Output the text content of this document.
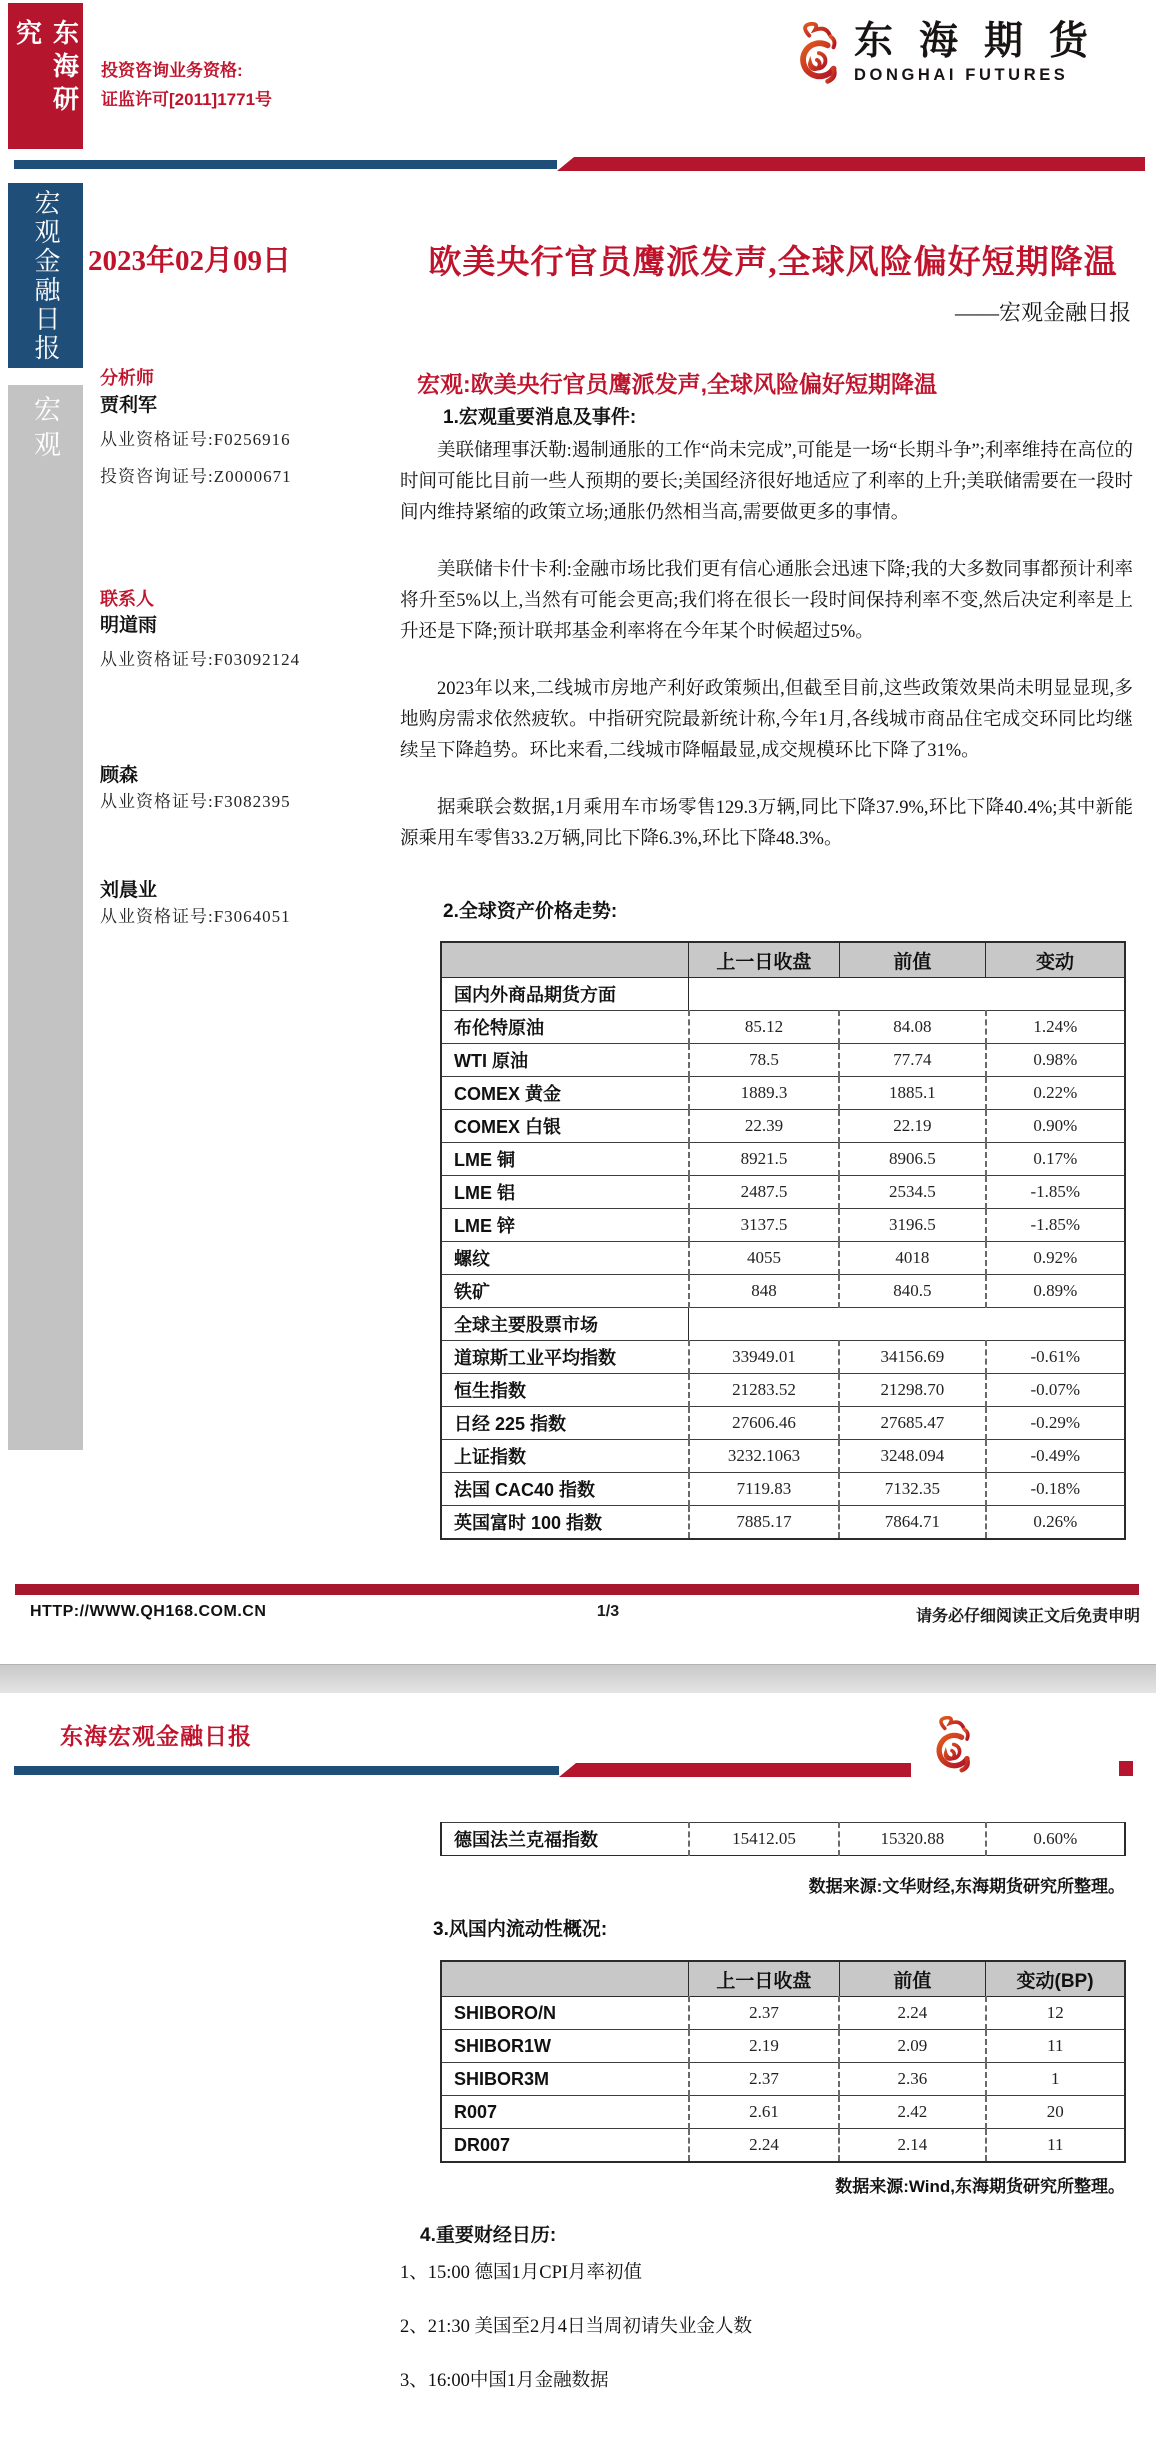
东海研究
投资咨询业务资格:
证监许可[2011]1771号
东海期货
DONGHAI FUTURES
宏观金融日报
宏观
2023年02月09日
分析师
贾利军
从业资格证号:F0256916
投资咨询证号:Z0000671
联系人
明道雨
从业资格证号:F03092124
顾森
从业资格证号:F3082395
刘晨业
从业资格证号:F3064051
欧美央行官员鹰派发声,全球风险偏好短期降温
——宏观金融日报
宏观:欧美央行官员鹰派发声,全球风险偏好短期降温
1.宏观重要消息及事件:

美联储理事沃勒:遏制通胀的工作“尚未完成”,可能是一场“长期斗争”;利率维持在高位的时间可能比目前一些人预期的要长;美国经济很好地适应了利率的上升;美联储需要在一段时间内维持紧缩的政策立场;通胀仍然相当高,需要做更多的事情。

美联储卡什卡利:金融市场比我们更有信心通胀会迅速下降;我的大多数同事都预计利率将升至5%以上,当然有可能会更高;我们将在很长一段时间保持利率不变,然后决定利率是上升还是下降;预计联邦基金利率将在今年某个时候超过5%。

2023年以来,二线城市房地产利好政策频出,但截至目前,这些政策效果尚未明显显现,多地购房需求依然疲软。中指研究院最新统计称,今年1月,各线城市商品住宅成交环同比均继续呈下降趋势。环比来看,二线城市降幅最显,成交规模环比下降了31%。

据乘联会数据,1月乘用车市场零售129.3万辆,同比下降37.9%,环比下降40.4%;其中新能源乘用车零售33.2万辆,同比下降6.3%,环比下降48.3%。

2.全球资产价格走势:
	上一日收盘	前值	变动
国内外商品期货方面			
布伦特原油	85.12	84.08	1.24%
WTI 原油	78.5	77.74	0.98%
COMEX 黄金	1889.3	1885.1	0.22%
COMEX 白银	22.39	22.19	0.90%
LME 铜	8921.5	8906.5	0.17%
LME 铝	2487.5	2534.5	-1.85%
LME 锌	3137.5	3196.5	-1.85%
螺纹	4055	4018	0.92%
铁矿	848	840.5	0.89%
全球主要股票市场			
道琼斯工业平均指数	33949.01	34156.69	-0.61%
恒生指数	21283.52	21298.70	-0.07%
日经 225 指数	27606.46	27685.47	-0.29%
上证指数	3232.1063	3248.094	-0.49%
法国 CAC40 指数	7119.83	7132.35	-0.18%
英国富时 100 指数	7885.17	7864.71	0.26%
HTTP://WWW.QH168.COM.CN	1/3	请务必仔细阅读正文后免责申明
东海宏观金融日报
德国法兰克福指数	15412.05	15320.88	0.60%
数据来源:文华财经,东海期货研究所整理。
3.风国内流动性概况:
	上一日收盘	前值	变动(BP)
SHIBORO/N	2.37	2.24	12
SHIBOR1W	2.19	2.09	11
SHIBOR3M	2.37	2.36	1
R007	2.61	2.42	20
DR007	2.24	2.14	11
数据来源:Wind,东海期货研究所整理。
4.重要财经日历:
1、15:00 德国1月CPI月率初值
2、21:30 美国至2月4日当周初请失业金人数
3、16:00中国1月金融数据
